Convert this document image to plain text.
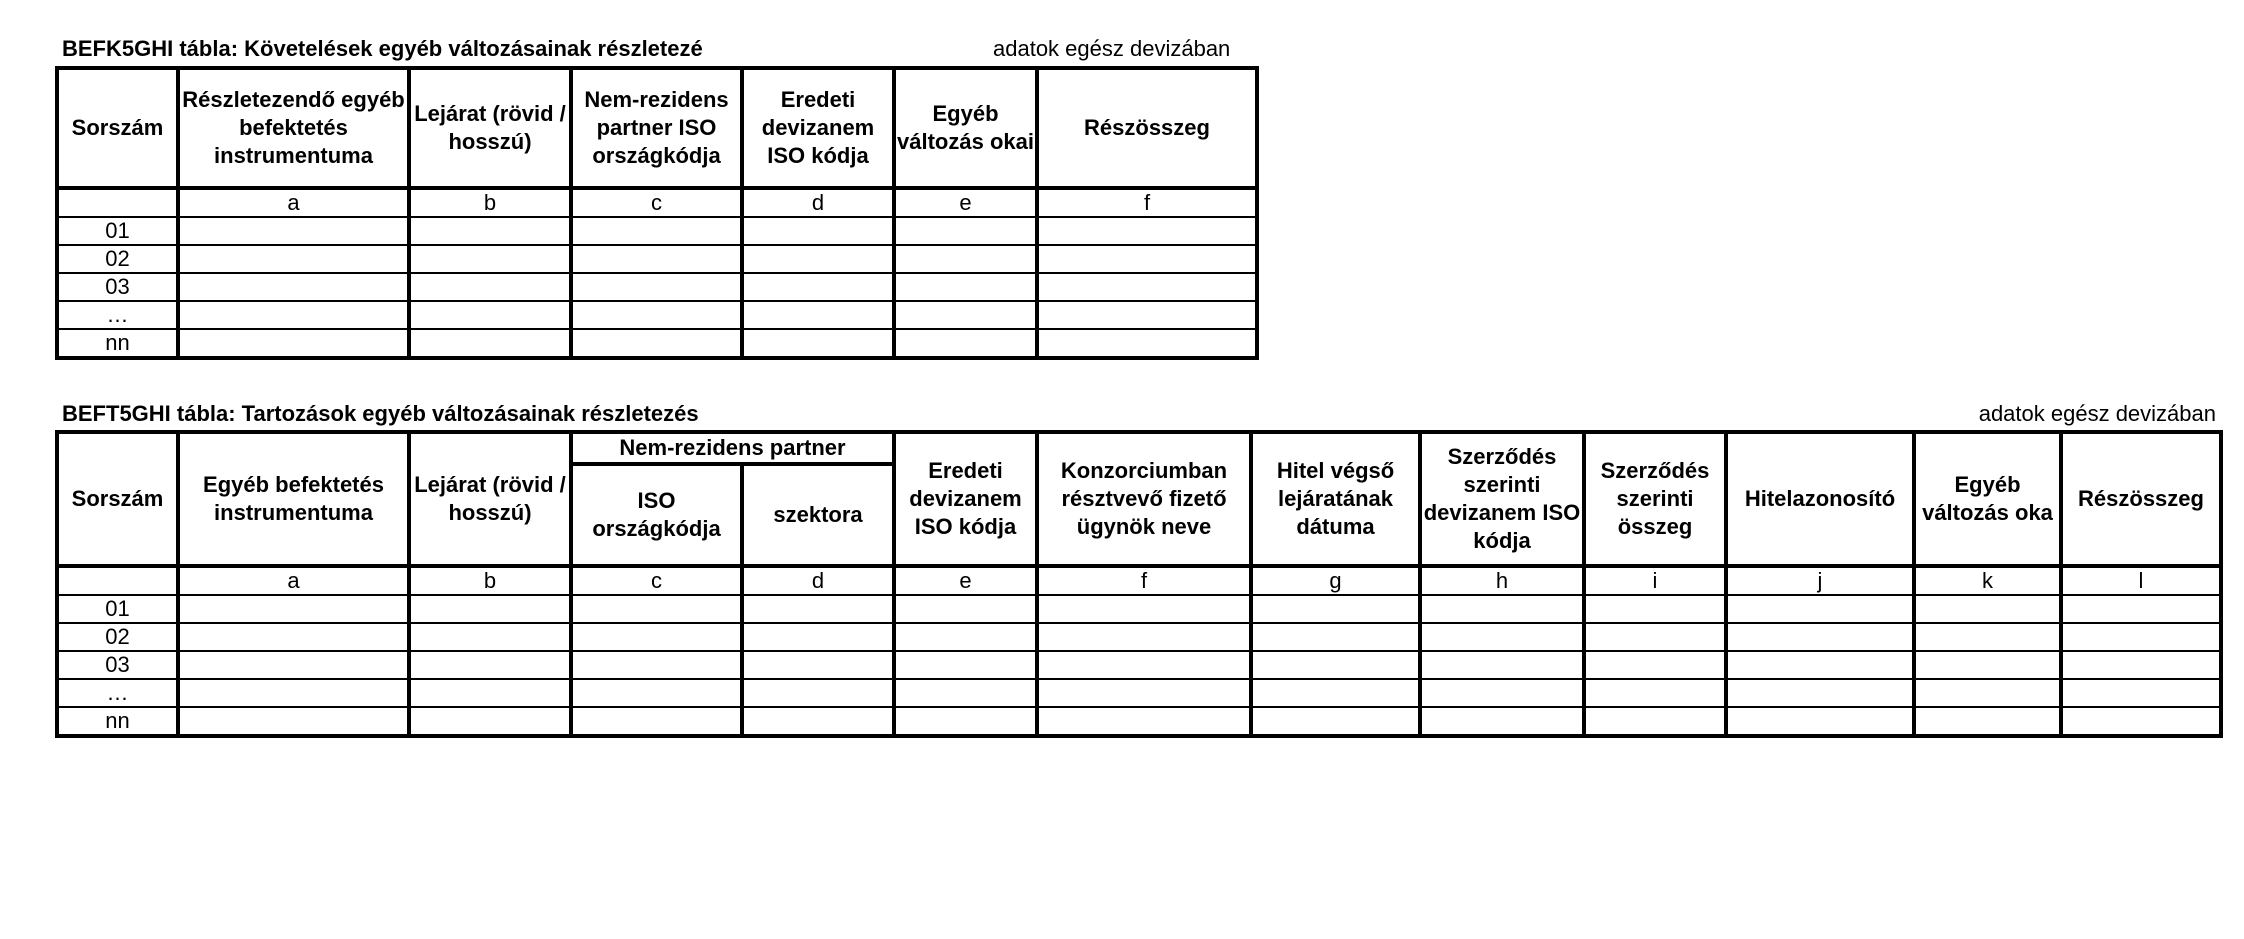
BEFK5GHI tábla: Követelések egyéb változásainak részletezé	adatok egész devizában
Sorszám	Részletezendő egyéb befektetés instrumentuma	Lejárat (rövid / hosszú)	Nem-rezidens partner ISO országkódja	Eredeti devizanem ISO kódja	Egyéb változás okai	Részösszeg
	a	b	c	d	e	f
01						
02						
03						
…						
nn						
BEFT5GHI tábla: Tartozások egyéb változásainak részletezés	adatok egész devizában
Sorszám	Egyéb befektetés instrumentuma	Lejárat (rövid / hosszú)	Nem-rezidens partner		Eredeti devizanem ISO kódja	Konzorciumban résztvevő fizető ügynök neve	Hitel végső lejáratának dátuma	Szerződés szerinti devizanem ISO kódja	Szerződés szerinti összeg	Hitelazonosító	Egyéb változás oka	Részösszeg
			ISO országkódja	szektora								
	a	b	c	d	e	f	g	h	i	j	k	l
01												
02												
03												
…												
nn												
